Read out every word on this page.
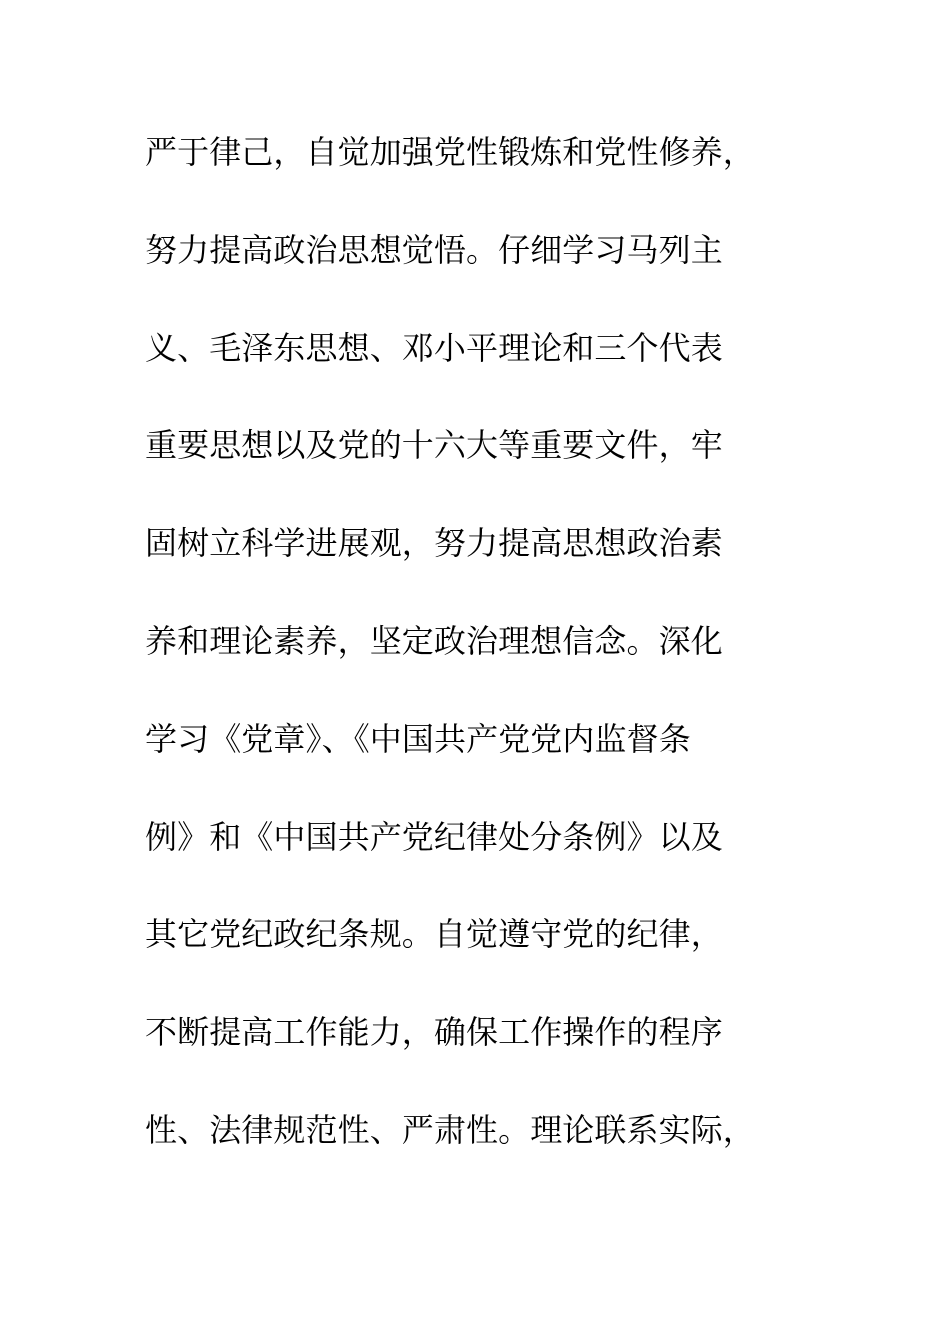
严于律己，自觉加强党性锻炼和党性修养，
努力提高政治思想觉悟。仔细学习马列主
义、毛泽东思想、邓小平理论和三个代表
重要思想以及党的十六大等重要文件，牢
固树立科学进展观，努力提高思想政治素
养和理论素养，坚定政治理想信念。深化
学习《党章》、《中国共产党党内监督条
例》和《中国共产党纪律处分条例》以及
其它党纪政纪条规。自觉遵守党的纪律，
不断提高工作能力，确保工作操作的程序
性、法律规范性、严肃性。理论联系实际，
